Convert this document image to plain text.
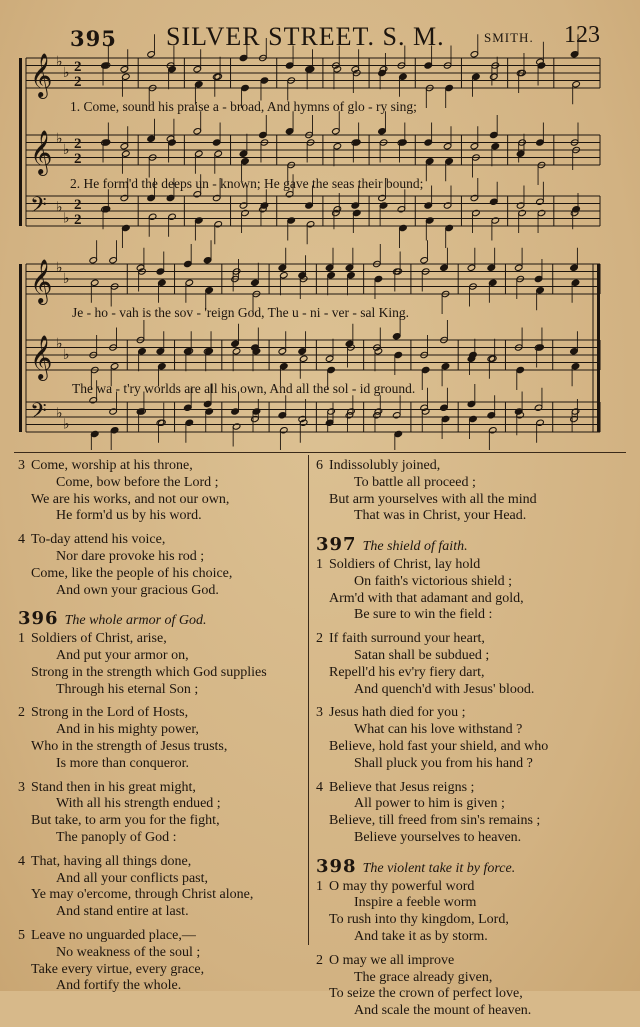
395 SILVER STREET. S. M.	SMITH. 123
𝄞 ♭
♭ 2
2
𝄞 ♭
♭ 2
2
𝄢 ♭
♭
2
2
𝄞 ♭
♭
𝄞 ♭
♭
𝄢 ♭
♭
1. Come, sound his praise a - broad, And hymns of glo - ry sing;
2. He form'd the deeps un - known; He gave the seas their bound;
Je - ho - vah is the sov - 'reign God, The u - ni - ver - sal King.
The wa - t'ry worlds are all his own, And all the sol - id ground.
3 Come, worship at his throne,
Come, bow before the Lord ;
We are his works, and not our own,
He form'd us by his word.
4 To-day attend his voice,
Nor dare provoke his rod ;
Come, like the people of his choice,
And own your gracious God.
396 The whole armor of God.
1 Soldiers of Christ, arise,
And put your armor on,
Strong in the strength which God supplies
Through his eternal Son ;
2 Strong in the Lord of Hosts,
And in his mighty power,
Who in the strength of Jesus trusts,
Is more than conqueror.
3 Stand then in his great might,
With all his strength endued ;
But take, to arm you for the fight,
The panoply of God :
4 That, having all things done,
And all your conflicts past,
Ye may o'ercome, through Christ alone,
And stand entire at last.
5 Leave no unguarded place,—
No weakness of the soul ;
Take every virtue, every grace,
And fortify the whole.
6 Indissolubly joined,
To battle all proceed ;
But arm yourselves with all the mind
That was in Christ, your Head.
397 The shield of faith.
1 Soldiers of Christ, lay hold
On faith's victorious shield ;
Arm'd with that adamant and gold,
Be sure to win the field :
2 If faith surround your heart,
Satan shall be subdued ;
Repell'd his ev'ry fiery dart,
And quench'd with Jesus' blood.
3 Jesus hath died for you ;
What can his love withstand ?
Believe, hold fast your shield, and who
Shall pluck you from his hand ?
4 Believe that Jesus reigns ;
All power to him is given ;
Believe, till freed from sin's remains ;
Believe yourselves to heaven.
398 The violent take it by force.
1 O may thy powerful word
Inspire a feeble worm
To rush into thy kingdom, Lord,
And take it as by storm.
2 O may we all improve
The grace already given,
To seize the crown of perfect love,
And scale the mount of heaven.
